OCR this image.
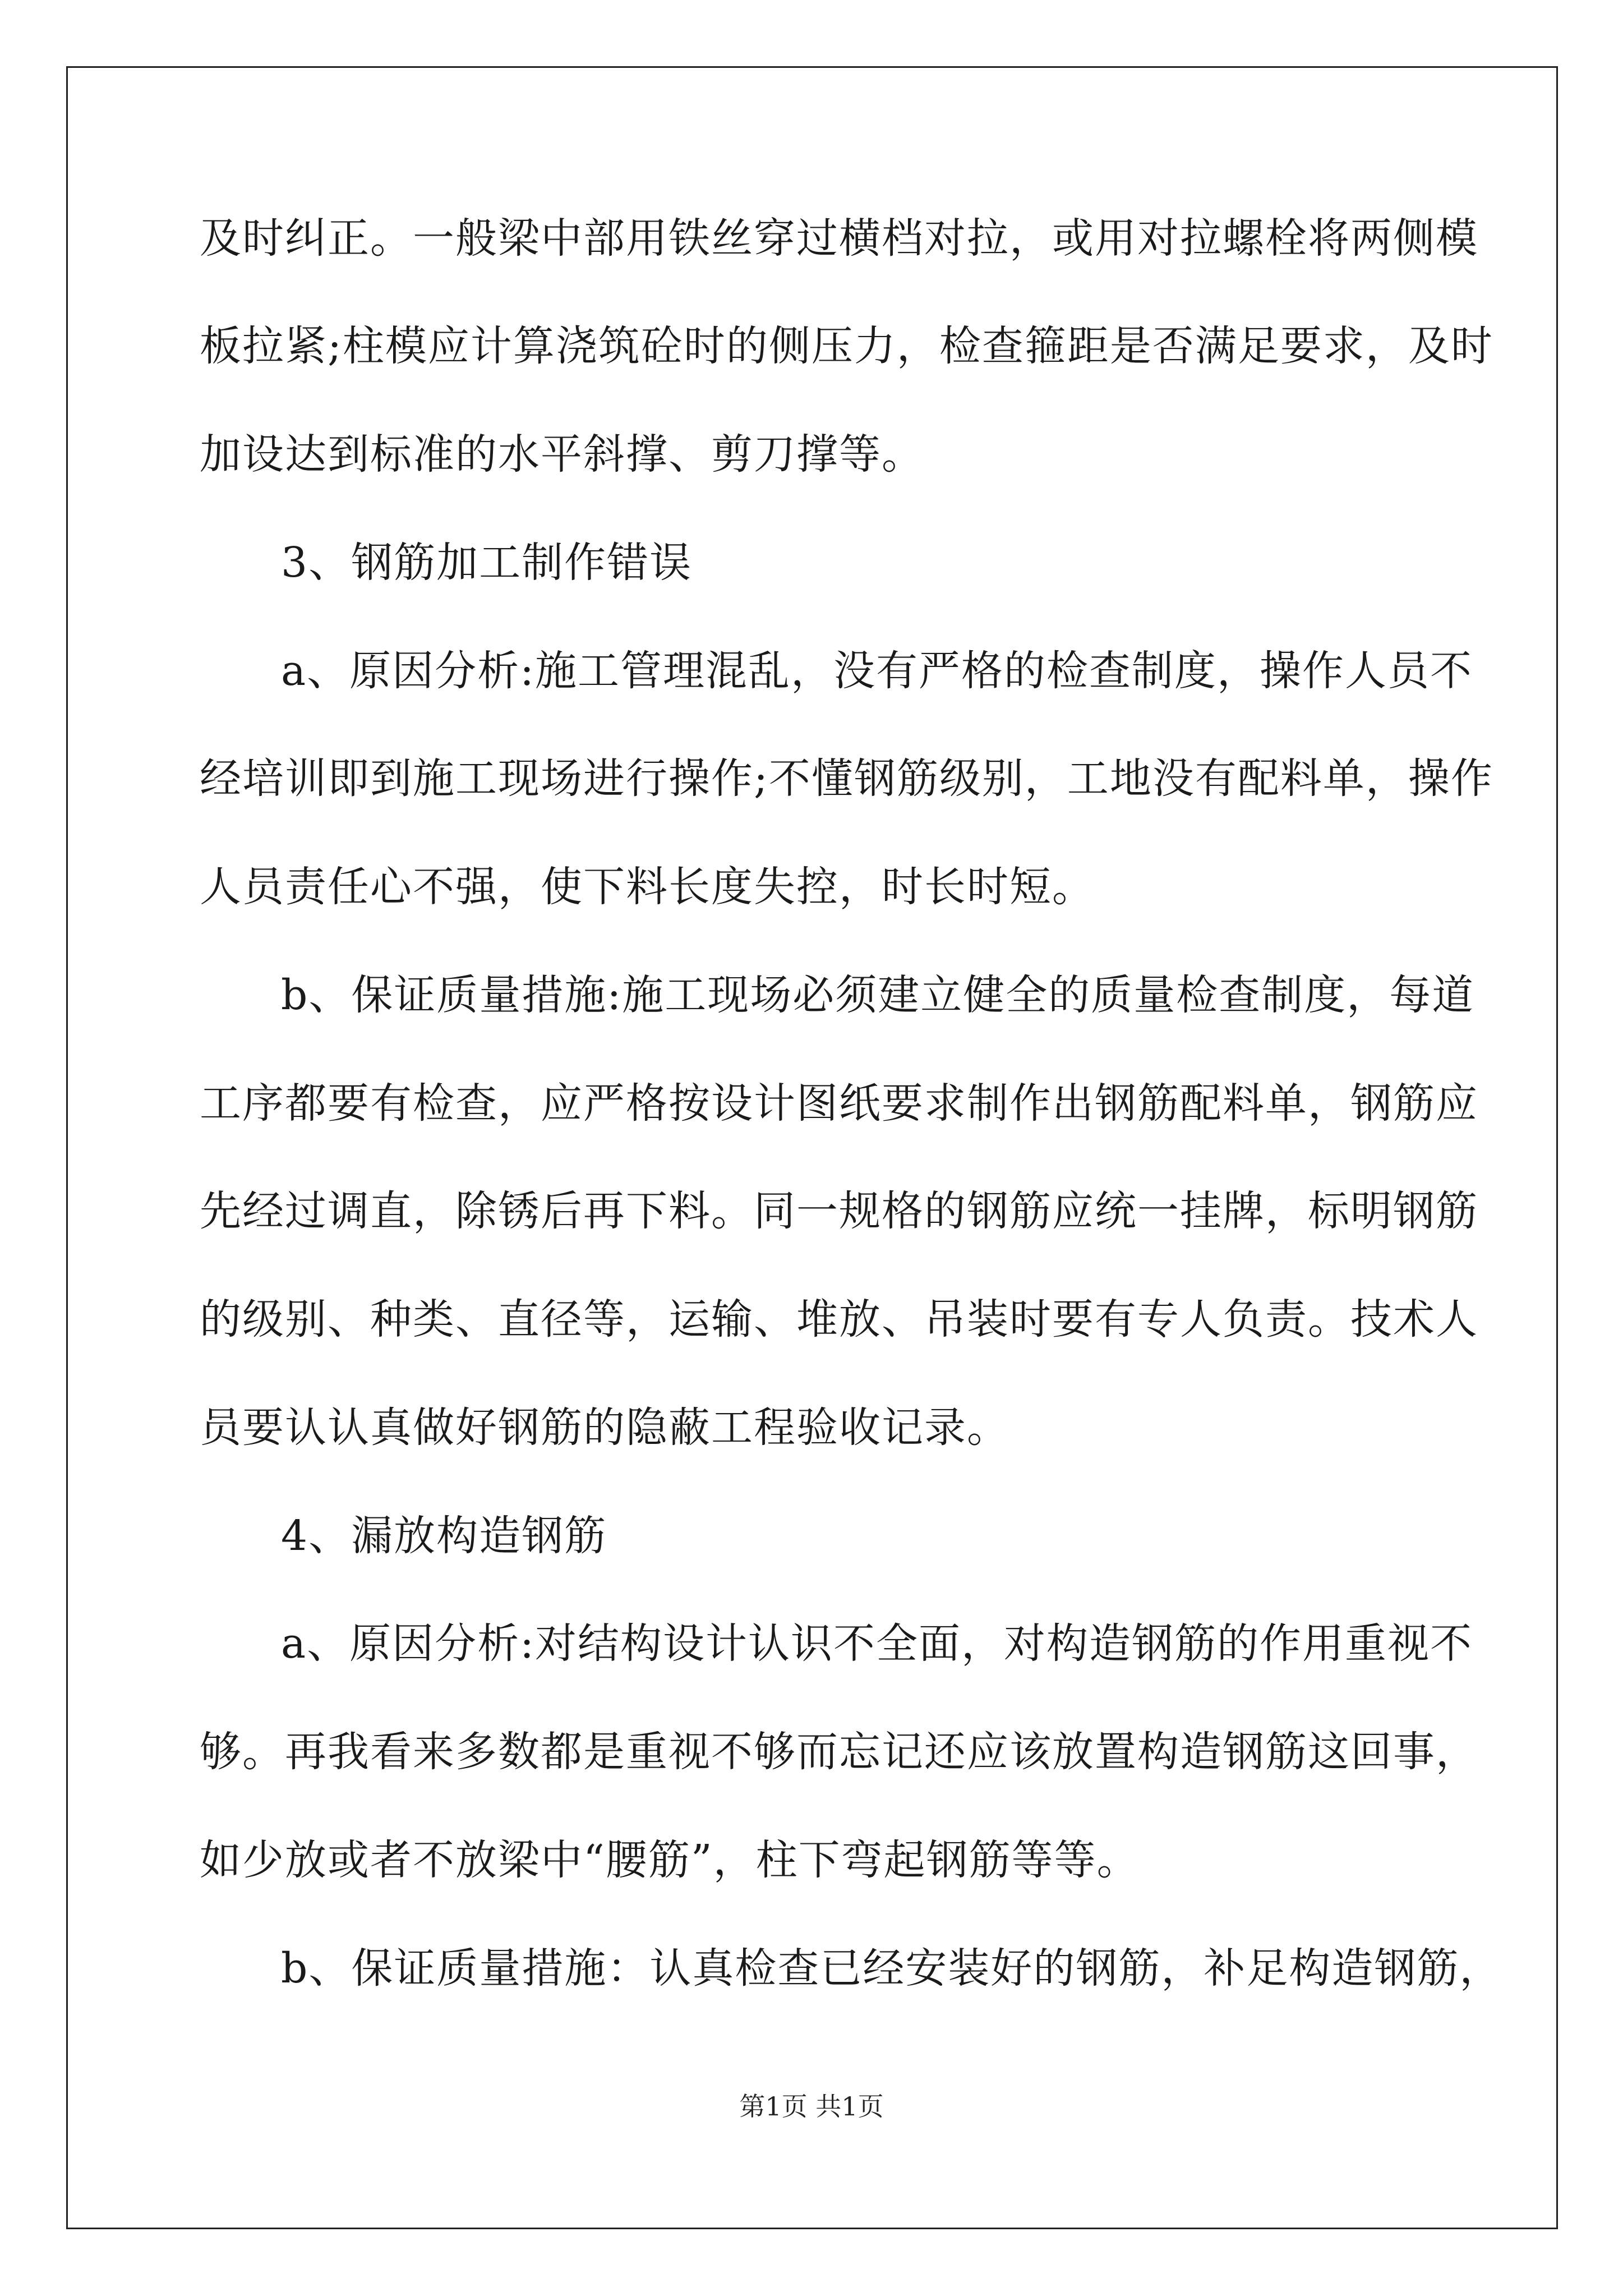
及时纠正。一般梁中部用铁丝穿过横档对拉，或用对拉螺栓将两侧模
板拉紧;柱模应计算浇筑砼时的侧压力，检查箍距是否满足要求，及时
加设达到标准的水平斜撑、剪刀撑等。
3、钢筋加工制作错误
a、原因分析:施工管理混乱，没有严格的检查制度，操作人员不
经培训即到施工现场进行操作;不懂钢筋级别，工地没有配料单，操作
人员责任心不强，使下料长度失控，时长时短。
b、保证质量措施:施工现场必须建立健全的质量检查制度，每道
工序都要有检查，应严格按设计图纸要求制作出钢筋配料单，钢筋应
先经过调直，除锈后再下料。同一规格的钢筋应统一挂牌，标明钢筋
的级别、种类、直径等，运输、堆放、吊装时要有专人负责。技术人
员要认认真做好钢筋的隐蔽工程验收记录。
4、漏放构造钢筋
a、原因分析:对结构设计认识不全面，对构造钢筋的作用重视不
够。再我看来多数都是重视不够而忘记还应该放置构造钢筋这回事，
如少放或者不放梁中“腰筋”，柱下弯起钢筋等等。
b、保证质量措施：认真检查已经安装好的钢筋，补足构造钢筋，
第1页 共1页
